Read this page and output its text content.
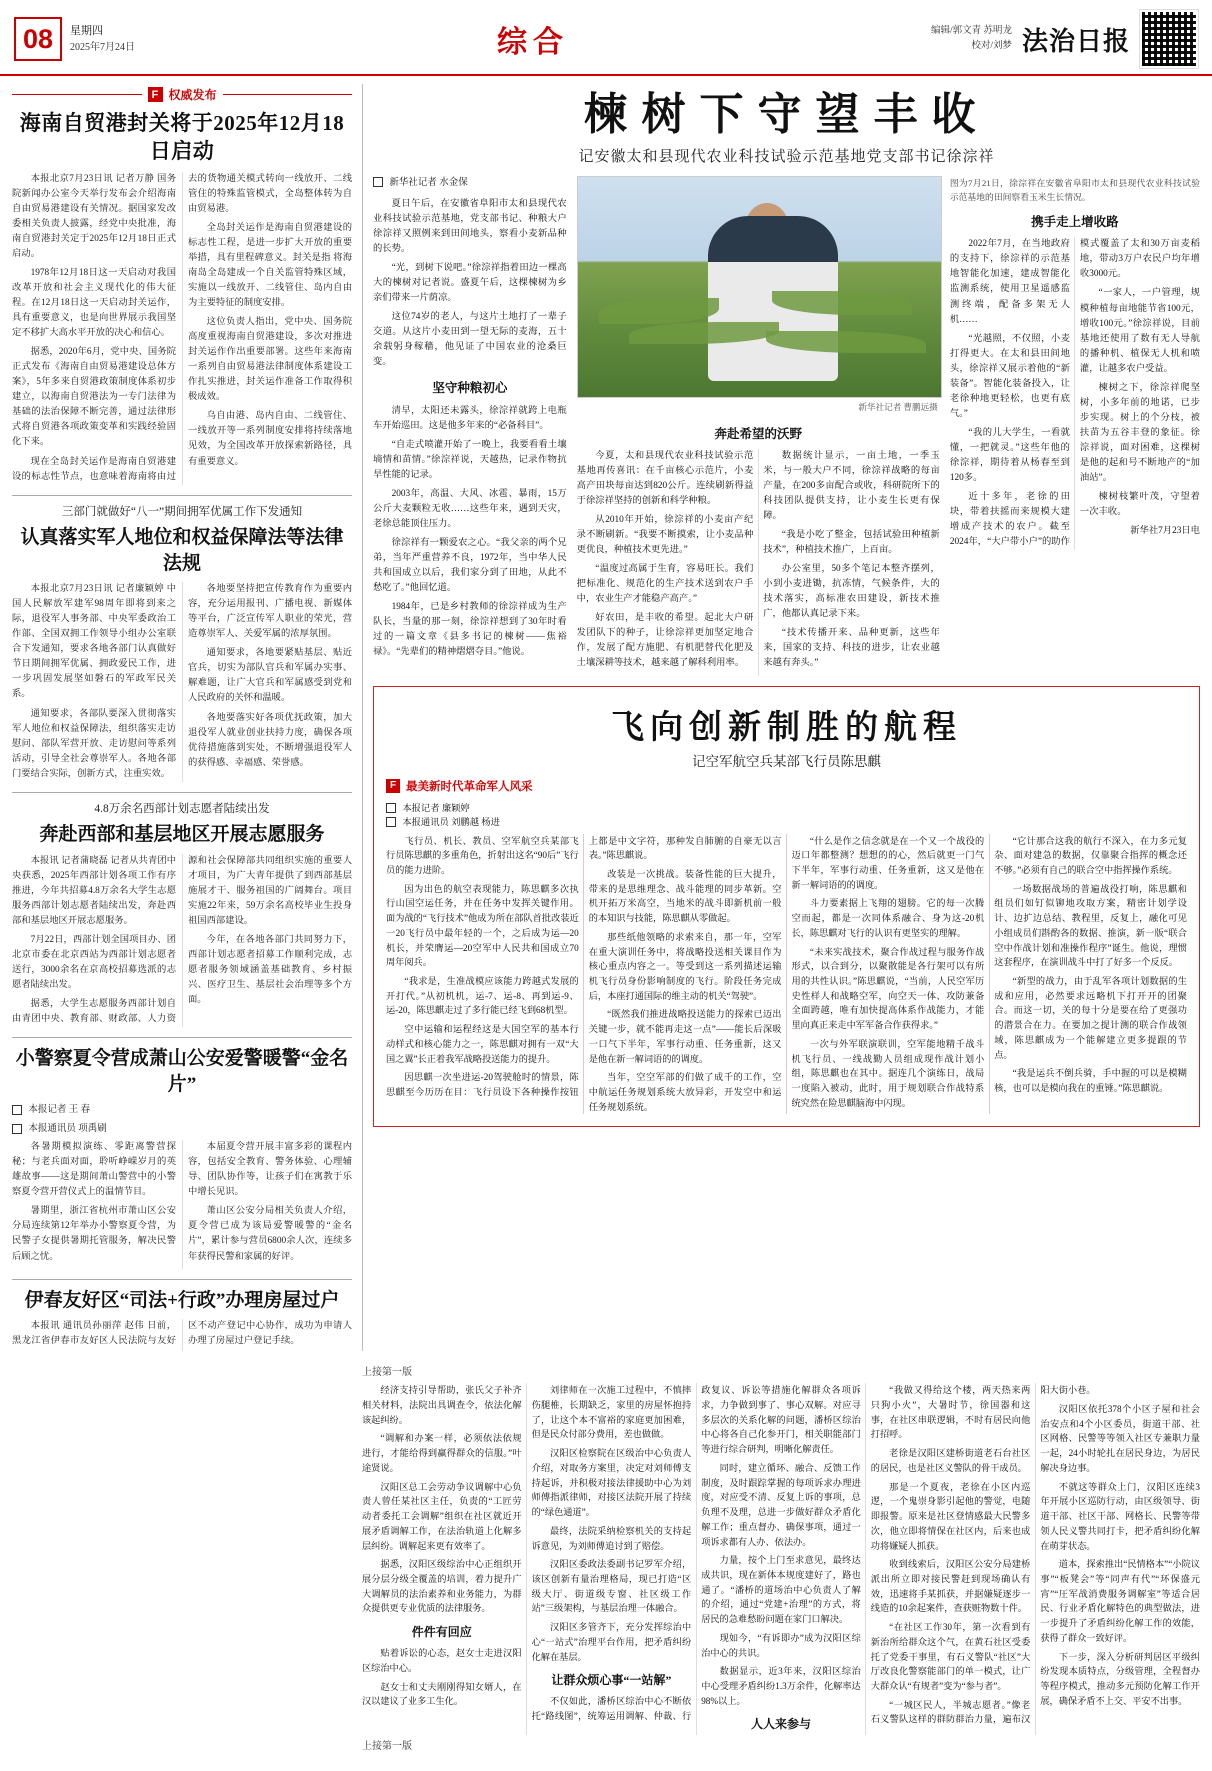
08	星期四
2025年7月24日	综合	编辑/郭文青 苏明龙
校对/刘梦 法治日报
F 权威发布
海南自贸港封关将于2025年12月18日启动

本报北京7月23日讯 记者万静 国务院新闻办公室今天举行发布会介绍海南自由贸易港建设有关情况。据国家发改委相关负责人披露，经党中央批准，海南自贸港封关定于2025年12月18日正式启动。

1978年12月18日这一天启动对我国改革开放和社会主义现代化的伟大征程。在12月18日这一天启动封关运作，具有重要意义，也是向世界展示我国坚定不移扩大高水平开放的决心和信心。

据悉，2020年6月，党中央、国务院正式发布《海南自由贸易港建设总体方案》，5年多来自贸港政策制度体系初步建立，以海南自贸港法为一专门法律为基础的法治保障不断完善，通过法律形式将自贸港各项政策变革和实践经验固化下来。

现在全岛封关运作是海南自贸港建设的标志性节点，也意味着海南将由过去的货物通关模式转向一线放开、二线管住的特殊监管模式，全岛整体转为自由贸易港。

全岛封关运作是海南自贸港建设的标志性工程，是进一步扩大开放的重要举措，具有里程碑意义。封关是指 将海南岛全岛建成一个自关监管特殊区域，实施以一线放开、二线管住、岛内自由为主要特征的制度安排。

这位负责人指出，党中央、国务院高度重视海南自贸港建设，多次对推进封关运作作出重要部署。这些年来海南一系列自由贸易港法律制度体系建设工作扎实推进，封关运作准备工作取得积极成效。

乌自由港、岛内自由、二线管住、一线放开等一系列制度安排将持续落地见效，为全国改革开放探索新路径，具有重要意义。

三部门就做好“八一”期间拥军优属工作下发通知
认真落实军人地位和权益保障法等法律法规

本报北京7月23日讯 记者廉颖婷 中国人民解放军建军98周年即将到来之际，退役军人事务部、中央军委政治工作部、全国双拥工作领导小组办公室联合下发通知，要求各地各部门认真做好节日期间拥军优属、拥政爱民工作，进一步巩固发展坚如磐石的军政军民关系。

通知要求，各部队要深入贯彻落实军人地位和权益保障法，组织落实走访慰问、部队军营开放、走访慰问等系列活动，引导全社会尊崇军人。各地各部门要结合实际，创新方式，注重实效。

各地要坚持把宣传教育作为重要内容，充分运用报刊、广播电视、新媒体等平台，广泛宣传军人职业的荣光，营造尊崇军人、关爱军属的浓厚氛围。

通知要求，各地要紧贴基层、贴近官兵，切实为部队官兵和军属办实事、解难题，让广大官兵和军属感受到党和人民政府的关怀和温暖。

各地要落实好各项优抚政策，加大退役军人就业创业扶持力度，确保各项优待措施落到实处，不断增强退役军人的获得感、幸福感、荣誉感。

4.8万余名西部计划志愿者陆续出发
奔赴西部和基层地区开展志愿服务

本报讯 记者蒲晓磊 记者从共青团中央获悉，2025年西部计划各项工作有序推进，今年共招募4.8万余名大学生志愿服务西部计划志愿者陆续出发，奔赴西部和基层地区开展志愿服务。

7月22日，西部计划全国项目办、团北京市委在北京西站为西部计划志愿者送行，3000余名在京高校招募选派的志愿者陆续出发。

据悉，大学生志愿服务西部计划自由青团中央、教育部、财政部、人力资源和社会保障部共同组织实施的重要人才项目，为广大青年提供了到西部基层施展才干、服务祖国的广阔舞台。项目实施22年来，59万余名高校毕业生投身祖国西部建设。

今年，在各地各部门共同努力下，西部计划志愿者招募工作顺利完成，志愿者服务领域涵盖基础教育、乡村振兴、医疗卫生、基层社会治理等多个方面。

小警察夏令营成萧山公安爱警暖警“金名片”
本报记者 王 春
本报通讯员 项禹刷

各暑期模拟演练、零距离警营探秘；与老兵面对面，聆听峥嵘岁月的英雄故事——这是期间萧山警营中的小警察夏令营开营仪式上的温情节目。

暑期里，浙江省杭州市萧山区公安分局连续第12年举办小警察夏令营，为民警子女提供暑期托管服务，解决民警后顾之忧。

本届夏令营开展丰富多彩的课程内容，包括安全教育、警务体验、心理辅导、团队协作等，让孩子们在寓教于乐中增长见识。

萧山区公安分局相关负责人介绍，夏令营已成为该局爱警暖警的“金名片”，累计参与营员6800余人次，连续多年获得民警和家属的好评。

伊春友好区“司法+行政”办理房屋过户

本报讯 通讯员孙丽萍 赵伟 日前，黑龙江省伊春市友好区人民法院与友好区不动产登记中心协作，成功为申请人办理了房屋过户登记手续。

楝树下守望丰收
记安徽太和县现代农业科技试验示范基地党支部书记徐淙祥
新华社记者 水金保

夏日午后，在安徽省阜阳市太和县现代农业科技试验示范基地，党支部书记、种粮大户徐淙祥又照例来到田间地头，察看小麦新品种的长势。

“光，到树下说吧。”徐淙祥指着田边一棵高大的楝树对记者说。盛夏午后，这棵楝树为乡亲们带来一片荫凉。

这位74岁的老人，与这片土地打了一辈子交道。从这片小麦田到一望无际的麦海，五十余载躬身稼穑，他见证了中国农业的沧桑巨变。

坚守种粮初心

清早，太阳还未露头，徐淙祥就跨上电瓶车开始巡田。这是他多年来的“必备科目”。

“自走式喷灌开始了一晚上，我要看看土壤墒情和苗情。”徐淙祥说，天越热，记录作物抗旱性能的记录。

2003年，高温、大风、冰雹、暴雨，15万公斤大麦颗粒无收……这些年来，遇到天灾，老徐总能顶住压力。

徐淙祥有一颗爱农之心。“我父亲的两个兄弟，当年严重营养不良，1972年，当中华人民共和国成立以后，我们家分到了田地，从此不愁吃了。”他回忆道。

1984年，已是乡村教师的徐淙祥成为生产队长，当量的那一刻，徐淙祥想到了30年时看过的一篇文章《县多书记的楝树——焦裕禄》。“先辈们的精神熠熠夺目。”他说。

新华社记者 曹鹏远摄
奔赴希望的沃野

今夏，太和县现代农业科技试验示范基地再传喜讯：在千亩核心示范片，小麦高产田块每亩达到820公斤。连续刷新得益于徐淙祥坚持的创新和科学种粮。

从2010年开始，徐淙祥的小麦亩产纪录不断刷新。“我要不断摸索，让小麦品种更优良，种植技术更先进。”

“温度过高属于生育，容易旺长。我们把标准化、规范化的生产技术送到农户手中，农业生产才能稳产高产。”

好农田，是丰收的希望。起北大户研发团队下的种子，让徐淙祥更加坚定地合作，发展了配方施肥、有机肥替代化肥及土壤深耕等技术，越来越了解科利用率。

数据统计显示，一亩土地，一季玉米，与一般大户不同，徐淙祥战略的每亩产量，在200多亩配合或收，科研院所下的科技团队提供支持，让小麦生长更有保障。

“我是小吃了整金，包括试验田种植新技术”，种植技术推广，上百亩。

办公室里，50多个笔记本整齐摆列，小到小麦进锄，抗冻情，气候条件，大的技术落实，高标准农田建设，新技术推广，他都认真记录下来。

“技术传播开来、品种更新，这些年来，国家的支持、科技的进步，让农业越来越有奔头。”

图为7月21日，徐淙祥在安徽省阜阳市太和县现代农业科技试验示范基地的田间察看玉米生长情况。

携手走上增收路

2022年7月，在当地政府的支持下，徐淙祥的示范基地智能化加速，建成智能化监测系统，使用卫星遥感监测终端，配备多架无人机……

“光越照，不仅照，小麦打得更大。在太和县田间地头，徐淙祥又展示着他的“新装备”。智能化装备投入，让老徐种地更轻松，也更有底气。”

“我的儿大学生，一看就懂，一把就灵。”这些年他的徐淙祥，期待着从杨春至到120多。

近十多年，老徐的田块，带着扶摇而来规模大建增成产技术的农户。截至2024年，“大户带小户”的助作模式覆盖了太和30万亩麦稻地，带动3万户农民户均年增收3000元。

“一家人，一户管理，规模种植每亩地能节省100元，增收100元。”徐淙祥说，目前基地还使用了数有无人导航的播种机、植保无人机和喷灌，让越多农户受益。

楝树之下，徐淙祥爬坚树，小多年前的地诺，已步步实现。树上的个分枝，被扶苗为五谷丰登的象征。徐淙祥说，面对困难，这棵树是他的起和号不断地产的“加油站”。

楝树枝繁叶茂，守望着一次丰收。

新华社7月23日电

飞向创新制胜的航程
记空军航空兵某部飞行员陈思麒
F 最美新时代革命军人风采
本报记者 廉颖婷
本报通讯员 刘鹏越 杨进

飞行员、机长、教员、空军航空兵某部飞行员陈思麒的多重角色，折射出这名“90后”飞行员的能力进阶。

因为出色的航空表现能力，陈思麒多次执行山国空运任务，并在任务中发挥关键作用。面为战的“飞行技术”他成为所在部队首批改装近一20飞行员中最年轻的一个，之后成为运—20机长，并荣膺运—20空军中人民共和国成立70周年阅兵。

“我求是，生准战模应该能力跨越式发展的开打代。”从初机机，运-7、运-8、再到运-9、运-20，陈思麒走过了多行能已经飞到68机型。

空中运输和运程经这是大国空军的基本行动样式和核心能力之一，陈思麒对拥有一双“大国之翼”长正着我军战略投送能力的提升。

因思麒一次坐进运-20驾驶舱时的情景，陈思麒至今历历在目：飞行员设下各种操作按钮上都是中文字符，那种发自肺腑的自豪无以言表。”陈思麒说。

改装是一次挑战。装备性能的巨大提升，带来的是思维理念、战斗能理的同步革新。空机开拓万米高空，当地米的战斗即新机前一般的本知识与技能，陈思麒从零做起。

那些纸他领略的求索来自，那一年，空军在重大演训任务中，将战略投送相关课目作为核心重点内容之一。等受到这一系列描述运输机飞行员身份影响制度的飞行。阶段任务完成后，本座打通国际的维主动的机关“驾驶”。

“既然我们推进战略投送能力的探索已迈出关键一步，就不能再走这一点”——能长后深吸一口气下半年，军事行动重、任务重新，这又是他在新一解词语的的调度。

当年，空空军部的们做了成千的工作，空中航运任务规划系统大放异彩，开发空中和运任务规划系统。

“什么是作之信念就是在一个又一个战役的迈口年都整测？想想的的心，然后就更一门气下半年，军事行动重、任务重新，这又是他在新一解词语的的调度。

斗力要素据上飞翔的翅膀。它的每一次腾空而起，都是一次同体系融合、身为这-20机长，陈思麒对飞行的认识有更坚实的理解。

“未来实战技术，聚合作战过程与服务作战形式，以合到分，以聚散能是各行架可以有所用的共性认识。”陈思麒说，“当前，人民空军历史性样人和战略空军，向空天一体、攻防兼备全面跨越，唯有加快提高体系作战能力，才能里向真正来走中军军备合作获得求。”

一次与外军联演联训，空军能地精千战斗机飞行员、一线战勤人员组成现作战计划小组，陈思麒也在其中。据连几个演练日，战局一度陷入被动，此时，用于规划联合作战特系统究然在险思麒脑海中闪现。

“它计那合这我的航行不深入，在力多元复杂、面对建急的数据，仅靠聚合指挥的概念还不够。”必须有自己的联合空中指挥操作系统。

一场数据战场的普遍战役打响，陈思麒和组员们如钉似铆地攻取方案，精密计划学设计、边扩边总结、教程里，反复上，融化可见小组成员们斟酌各的数据、推演，新一版“联合空中作战计划和准操作程序”诞生。他说，理惯这套程序，在演训战斗中打了好多一个反反。

“新型的战力，由于乱军各项计划数据的生成和应用，必然要求远略机下打开开的团聚合。而这一切，关的每十分是要在给了更强功的潜景合在力。在要加之提计测的联合作战领域，陈思麒成为一个能解建立更多提跟的节点。

“我是运兵不倒兵骑，手中握的可以是模糊核，也可以是模向我在的重锤。”陈思麒说。

上接第一版

经济支持引导帮助，张氏父子补齐相关材料，法院出具调查令，依法化解该起纠纷。

“调解和办案一样，必须依法依规进行，才能给得到赢得群众的信服。”叶途贤说。

汉阳区总工会劳动争议调解中心负责人曾任某社区主任，负责的“工匠劳动者委托工会调解”组织在社区就近开展矛盾调解工作，在法治轨道上化解多层纠纷。调解起来更有效率了。

据悉，汉阳区级综治中心正组织开展分层分级全覆盖的培训，着力提升广大调解员的法治素养和业务能力，为群众提供更专业优质的法律服务。

件件有回应

贴着诉讼的心态，赵女士走进汉阳区综治中心。

赵女士和丈夫刚刚得知女婿人，在汉以建议了业多工生化。

刘律师在一次施工过程中，不慎摔伤腿椎，长期缺乏，家里的房屋怀抱持了，让这个本不富裕的家庭更加困难，但是民众付部分费用，差也做做。

汉阳区检察院在区级治中心负责人介绍，对取务方案里，决定对刘师傅支持起诉，并积极对接法律援助中心为刘师傅指派律师，对接区法院开展了持续的“绿色通道”。

最终，法院采纳检察机关的支持起诉意见，为刘师傅追讨到了赔偿。

汉阳区委政法委副书记罗军介绍，该区创新有量治理格局，现已打造“区级大厅、街道级专窗、社区级工作站”三级架构，与基层治理一体融合。

汉阳区多管齐下，充分发挥综治中心“一站式”治理平台作用，把矛盾纠纷化解在基层。

让群众烦心事“一站解”

不仅如此，潘桥区综治中心不断依托“路线图”，统筹运用调解、仲裁、行政复议、诉讼等措施化解群众各项诉求，力争做到事了、事心双解。对应寻多层次的关系化解的问题，潘桥区综治中心将各自己化参开门，相关职能部门等进行综合研判，明晰化解责任。

同时，建立循环、融合、反馈工作制度，及时跟踪掌握的每项诉求办理进度，对应受不清、反复上诉的事项，总负理不及理，总进一步做好群众矛盾化解工作；重点督办、确保事项，通过一项诉求都有人办、依法办。

力量，按个上门至求意见，最终达成共识，现在新体本规度建好了，路也通了。“潘桥的道场治中心负责人了解的介绍，通过“党建+治理”的方式，将居民的急难愁盼问题在家门口解决。

现如今，“有诉即办”成为汉阳区综治中心的共识。

数据显示，近3年来，汉阳区综治中心受理矛盾纠纷1.3万余件，化解率达98%以上。

人人来参与

“我做又得给这个楼，两天热来两只狗小火”，大暑时节，徐国器和这事，在社区串联逻辑，不时有居民向他打招呼。

老徐是汉阳区建桥街道老石台社区的居民，也是社区义警队的骨干成员。

那是一个夏夜，老徐在小区内巡逻，一个鬼崇身影引起他的警觉，电随即报警。原来是社区登情感最大民警多次，他立即将情保在社区内，后来也成功将嫌疑人抓获。

收到线索后，汉阳区公安分局建桥派出所立即对接民警赶到现场确认有效，迅速将手某抓获，并据嫌疑逐步一线造的10余起案件，查获赃物数十件。

“在社区工作30年，第一次看到有新治所给群众这个气，在黄石社区受委托了党委干事里，有石义警队“社区”大厅改良化警察能部门的单一模式，让广大群众认“有规者”变为“参与者”。

“一城区民人，半城志愿者。”像老石义警队这样的群防群治力量，遍布汉阳大街小巷。

汉阳区依托378个小区子屋和社会治安点和4个小区委员，街道干部、社区网格、民警等等领入社区专兼职力量一起，24小时轮扎在居民身边，为居民解决身边事。

不就这等群众上门，汉阳区连续3年开展小区巡防行动，由区级领导、街道干部、社区干部、网格长、民警等带领人民义警共同打卡，把矛盾纠纷化解在萌芽状态。

道本，探索推出“民情格本”“小院议事”“板凳会”等“同声有代”“环保盛元宵”“圧军战消费服务调解室”等适合居民、行业矛盾化解特色的典型做法，进一步提升了矛盾纠纷化解工作的效能，获得了群众一致好评。

下一步，深入分析研判居区平级纠纷发现本质特点，分级管理，全程督办等程序模式，推动多元预防化解工作开展，确保矛盾不上交、平安不出事。

上接第一版
